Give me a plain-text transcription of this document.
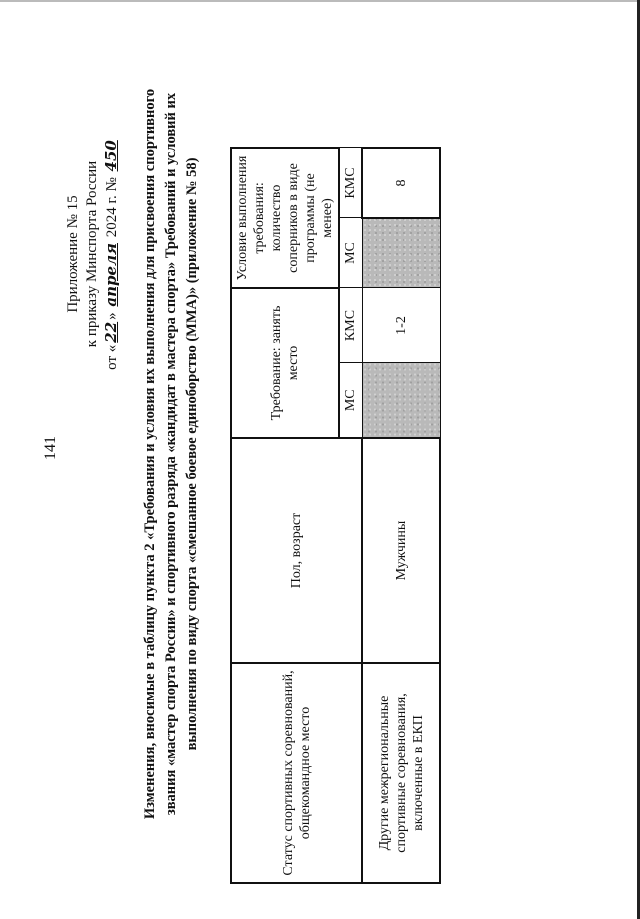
141
Приложение № 15 к приказу Минспорта России
от «22» апреля 2024 г. № 450 Изменения, вносимые в таблицу пункта 2 «Требования и условия их выполнения для присвоения спортивного звания «мастер спорта России» и спортивного разряда «кандидат в мастера спорта» Требований и условий их выполнения по виду спорта «смешанное боевое единоборство (ММА)» (приложение № 58)
Статус спортивных соревнований, общекомандное место	Пол, возраст	Требование: занять место		Условие выполнения требования: количество соперников в виде программы (не менее)	
		МС	КМС	МС	КМС
Другие межрегиональные спортивные соревнования, включенные в ЕКП	Мужчины		1-2		8
